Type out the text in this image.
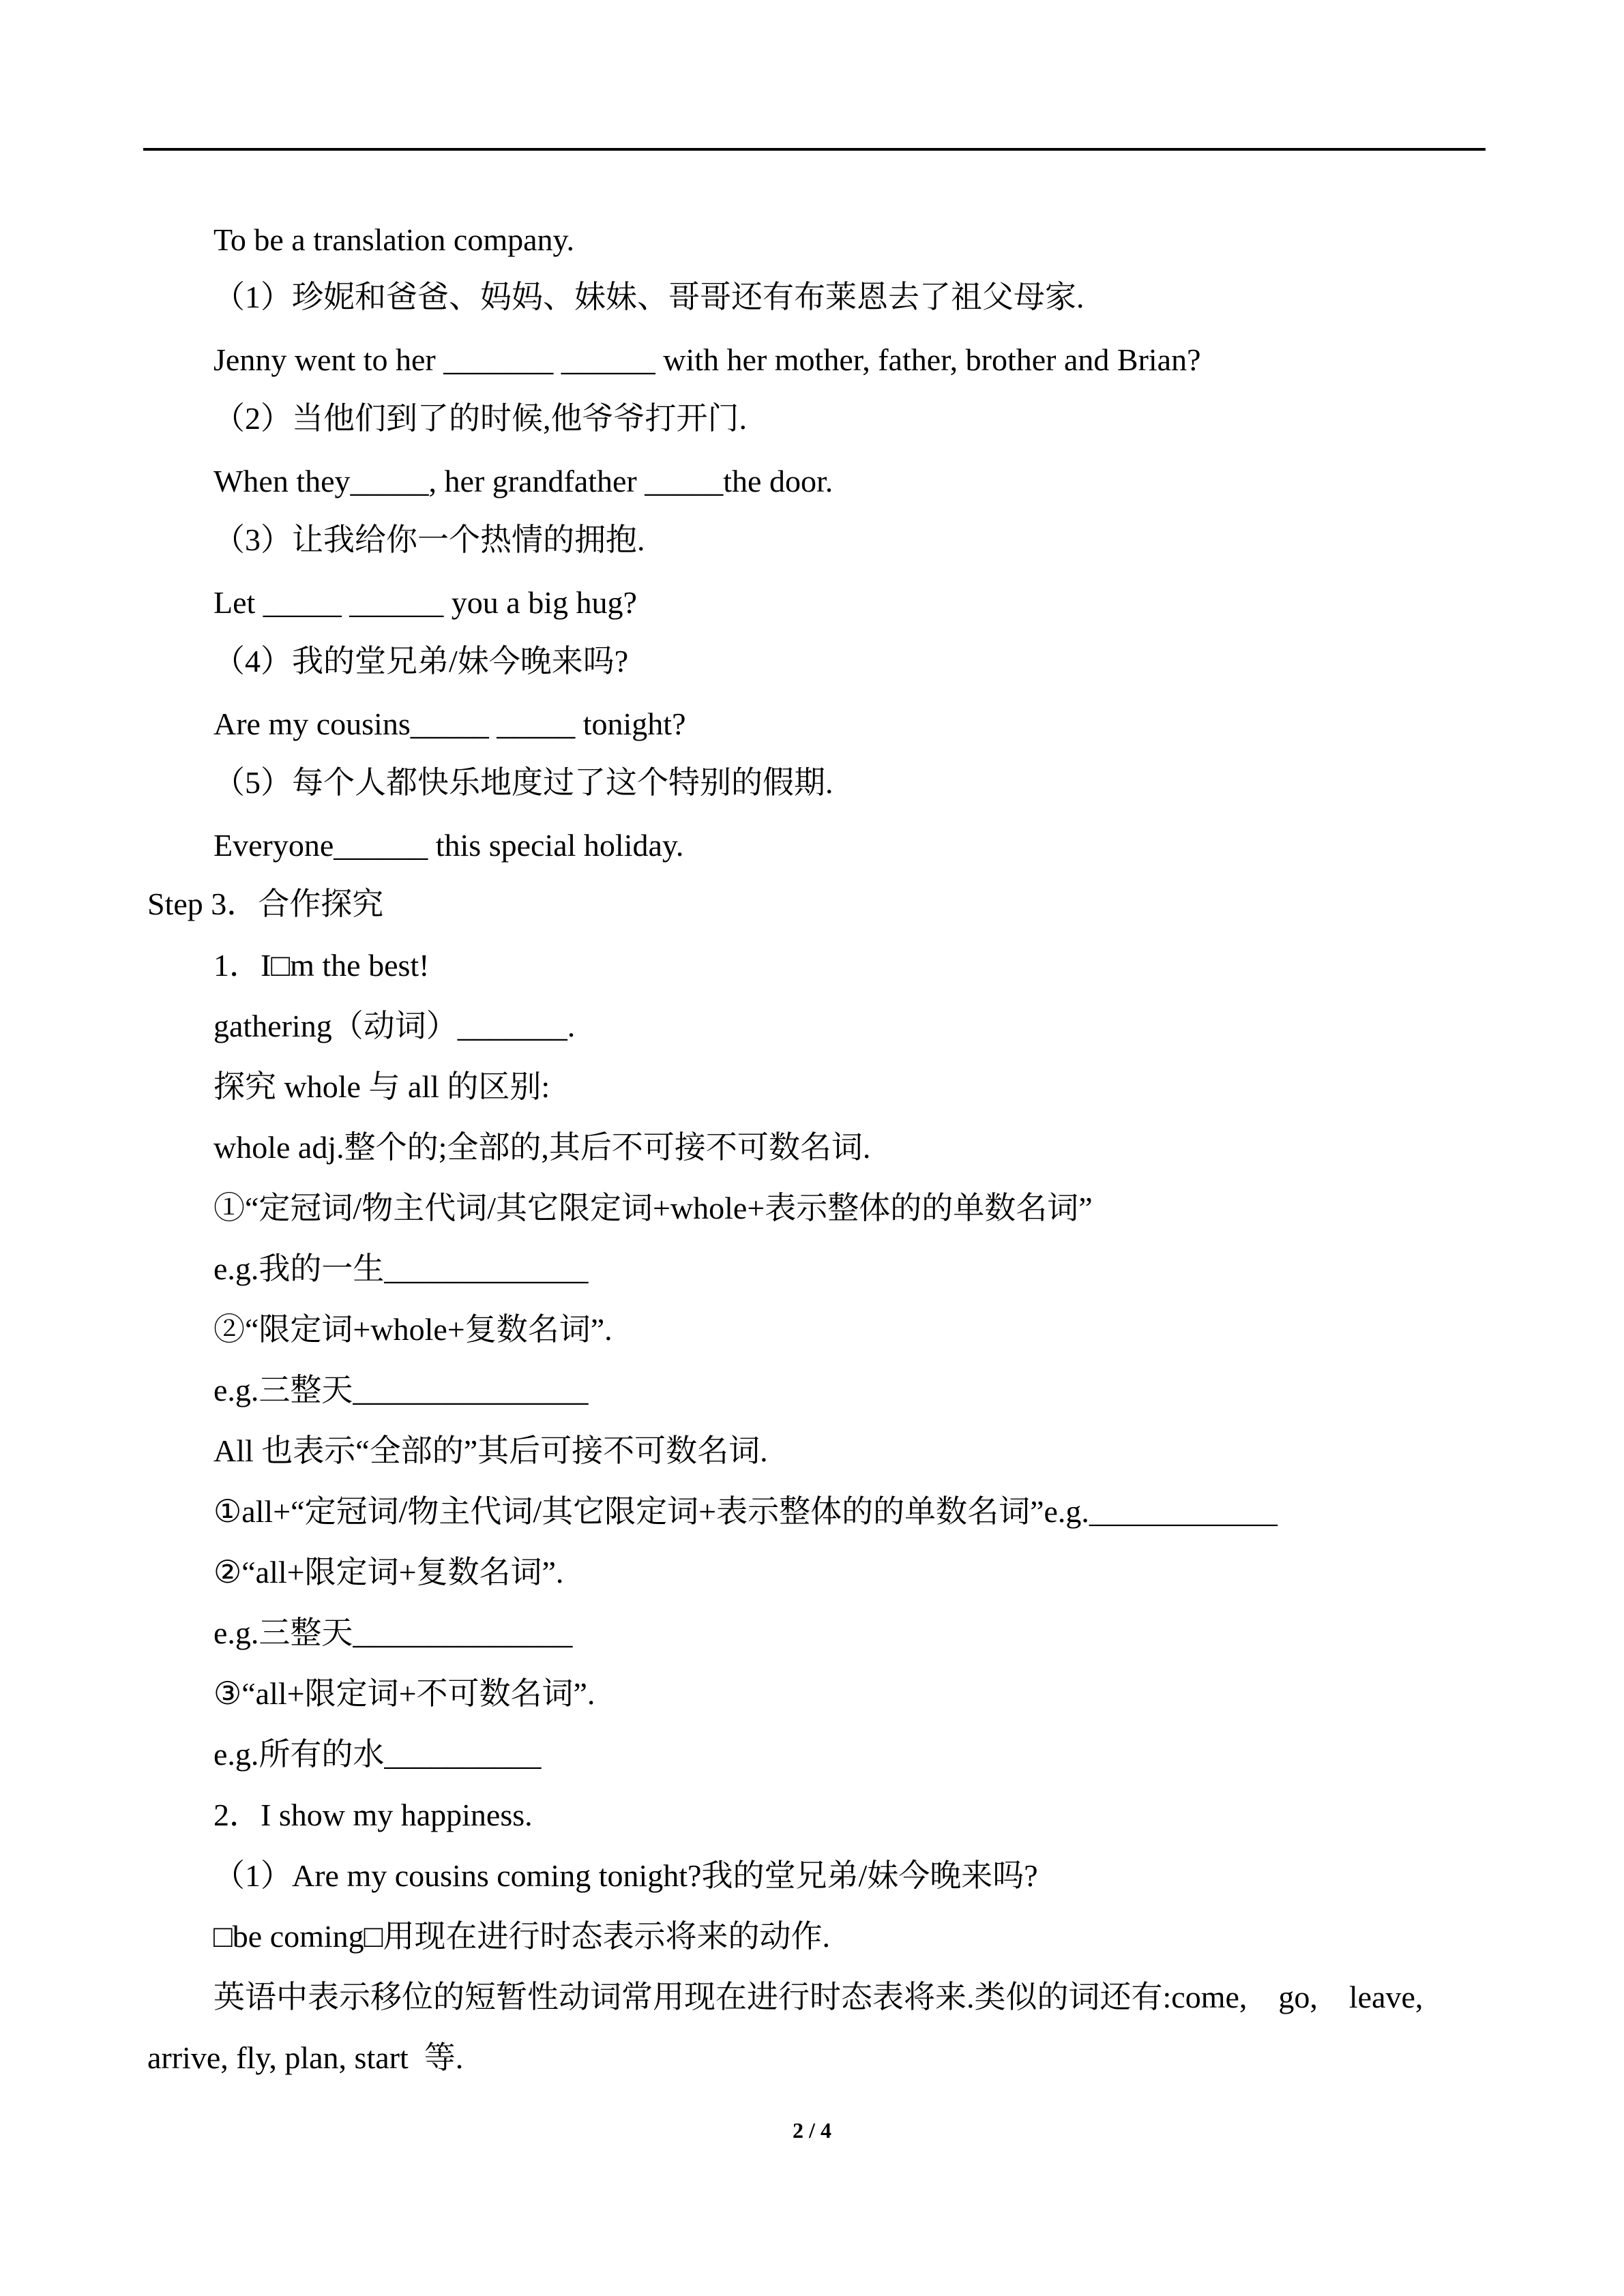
To be a translation company.
（1）珍妮和爸爸、妈妈、妹妹、哥哥还有布莱恩去了祖父母家.
Jenny went to her _______ ______ with her mother, father, brother and Brian?
（2）当他们到了的时候,他爷爷打开门.
When they_____, her grandfather _____the door.
（3）让我给你一个热情的拥抱.
Let _____ ______ you a big hug?
（4）我的堂兄弟/妹今晚来吗?
Are my cousins_____ _____ tonight?
（5）每个人都快乐地度过了这个特别的假期.
Everyone______ this special holiday.
Step 3．合作探究
1．I□m the best!
gathering（动词）_______.
探究 whole 与 all 的区别:
whole adj.整个的;全部的,其后不可接不可数名词.
①“定冠词/物主代词/其它限定词+whole+表示整体的的单数名词”
e.g.我的一生_____________
②“限定词+whole+复数名词”.
e.g.三整天_______________
All 也表示“全部的”其后可接不可数名词.
①all+“定冠词/物主代词/其它限定词+表示整体的的单数名词”e.g.____________
②“all+限定词+复数名词”.
e.g.三整天______________
③“all+限定词+不可数名词”.
e.g.所有的水__________
2．I show my happiness.
（1）Are my cousins coming tonight?我的堂兄弟/妹今晚来吗?
□be coming□用现在进行时态表示将来的动作.
英语中表示移位的短暂性动词常用现在进行时态表将来.类似的词还有:come,    go,    leave,
arrive, fly, plan, start  等.
2 / 4
